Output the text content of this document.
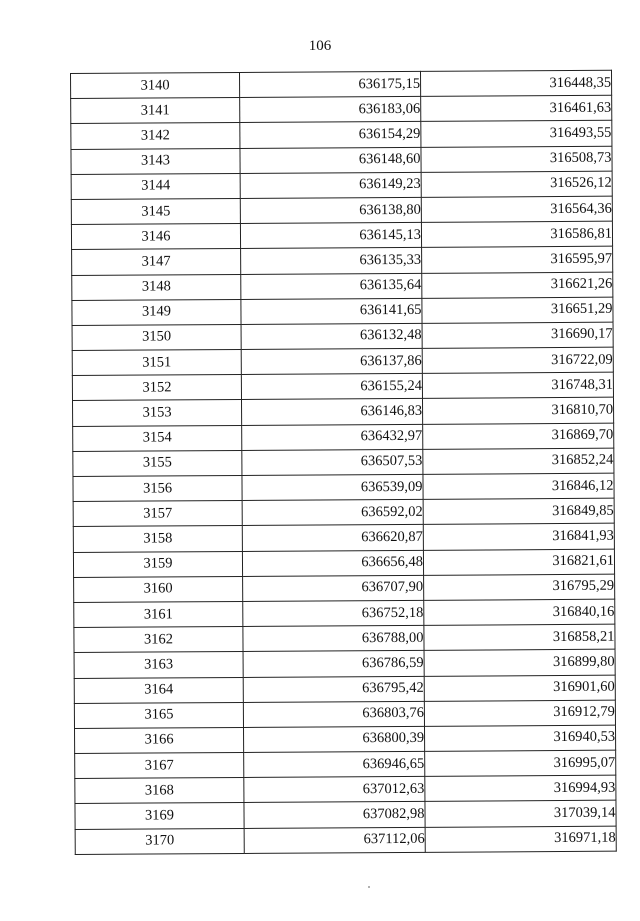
106
3140	636175,15	316448,35
3141	636183,06	316461,63
3142	636154,29	316493,55
3143	636148,60	316508,73
3144	636149,23	316526,12
3145	636138,80	316564,36
3146	636145,13	316586,81
3147	636135,33	316595,97
3148	636135,64	316621,26
3149	636141,65	316651,29
3150	636132,48	316690,17
3151	636137,86	316722,09
3152	636155,24	316748,31
3153	636146,83	316810,70
3154	636432,97	316869,70
3155	636507,53	316852,24
3156	636539,09	316846,12
3157	636592,02	316849,85
3158	636620,87	316841,93
3159	636656,48	316821,61
3160	636707,90	316795,29
3161	636752,18	316840,16
3162	636788,00	316858,21
3163	636786,59	316899,80
3164	636795,42	316901,60
3165	636803,76	316912,79
3166	636800,39	316940,53
3167	636946,65	316995,07
3168	637012,63	316994,93
3169	637082,98	317039,14
3170	637112,06	316971,18
